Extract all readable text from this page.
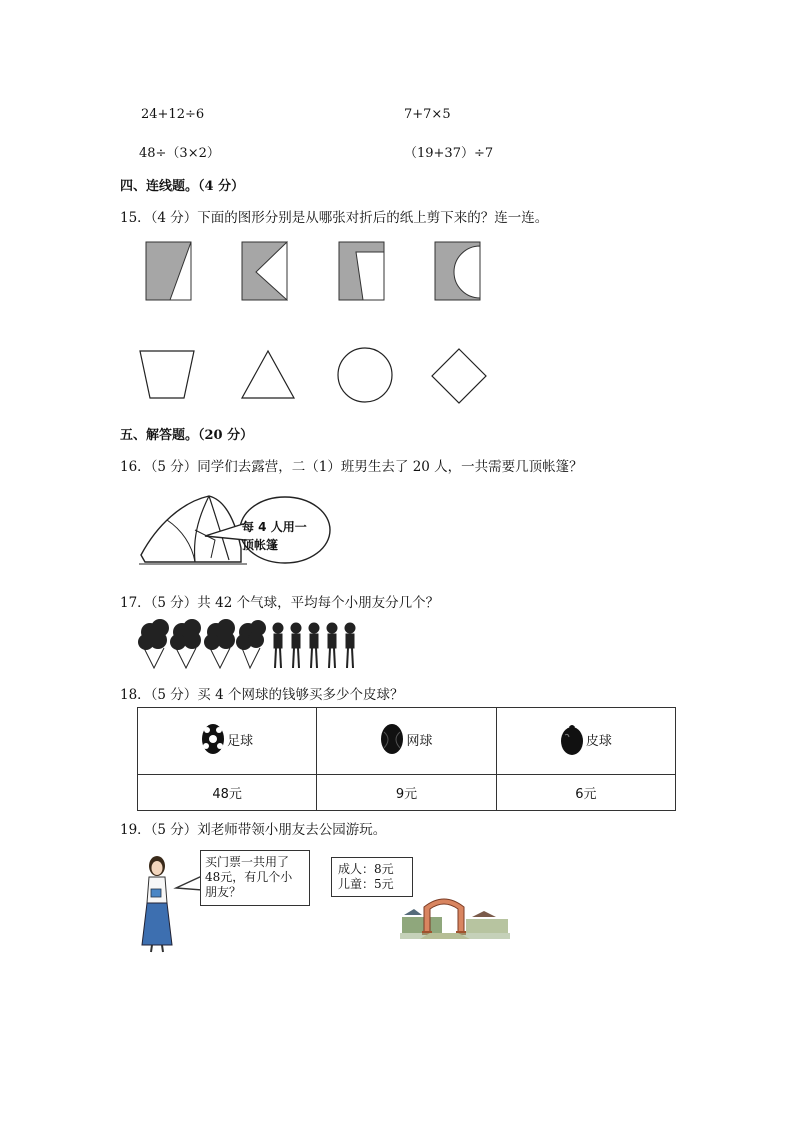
24+12÷6	7+7×5
48÷（3×2）	（19+37）÷7
四、连线题。（4 分）
15．（4 分）下面的图形分别是从哪张对折后的纸上剪下来的？连一连。
五、解答题。（20 分）
16．（5 分）同学们去露营，二（1）班男生去了 20 人，一共需要几顶帐篷？
每 4 人用一
顶帐篷
17．（5 分）共 42 个气球，平均每个小朋友分几个？
18．（5 分）买 4 个网球的钱够买多少个皮球？
足球	网球	皮球

48元	9元	6元
19．（5 分）刘老师带领小朋友去公园游玩。
买门票一共用了
48元，有几个小
朋友？
成人：8元
儿童：5元
